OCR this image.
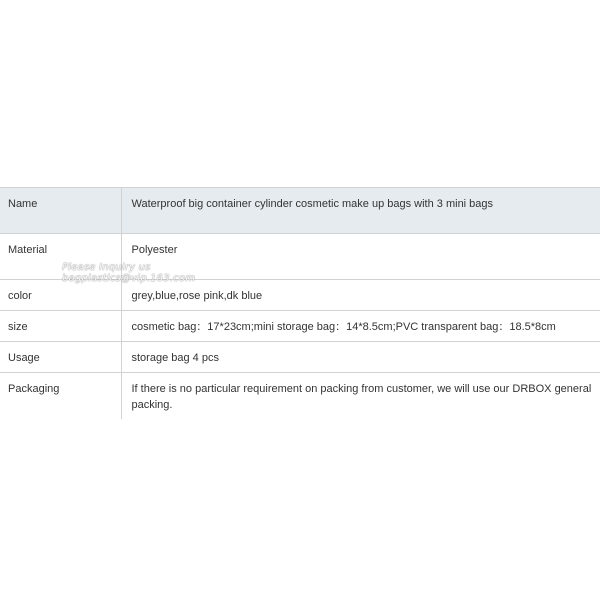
Name	Waterproof big container cylinder cosmetic make up bags with 3 mini bags
Material	Polyester
color	grey,blue,rose pink,dk blue
size	cosmetic bag：17*23cm;mini storage bag：14*8.5cm;PVC transparent bag：18.5*8cm
Usage	storage bag 4 pcs
Packaging	If there is no particular requirement on packing from customer, we will use our DRBOX general packing.
Please Inquiry us
bagplastics@vip.163.com
